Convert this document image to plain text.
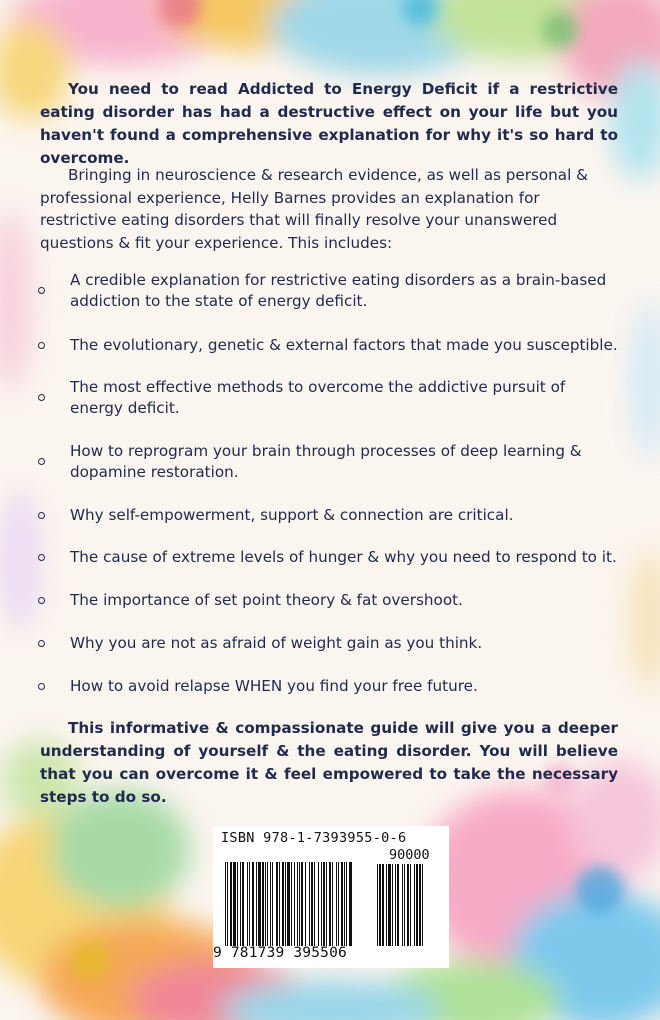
You need to read Addicted to Energy Deficit if a restrictive eating disorder has had a destructive effect on your life but you haven't found a comprehensive explanation for why it's so hard to overcome.

Bringing in neuroscience & research evidence, as well as personal & professional experience, Helly Barnes provides an explanation for restrictive eating disorders that will finally resolve your unanswered questions & fit your experience. This includes:

A credible explanation for restrictive eating disorders as a brain-based addiction to the state of energy deficit.
The evolutionary, genetic & external factors that made you susceptible.
The most effective methods to overcome the addictive pursuit of energy deficit.
How to reprogram your brain through processes of deep learning & dopamine restoration.
Why self-empowerment, support & connection are critical.
The cause of extreme levels of hunger & why you need to respond to it.
The importance of set point theory & fat overshoot.
Why you are not as afraid of weight gain as you think.
How to avoid relapse WHEN you find your free future.

This informative & compassionate guide will give you a deeper understanding of yourself & the eating disorder. You will believe that you can overcome it & feel empowered to take the necessary steps to do so.

ISBN 978-1-7393955-0-6
90000
9 781739 395506
